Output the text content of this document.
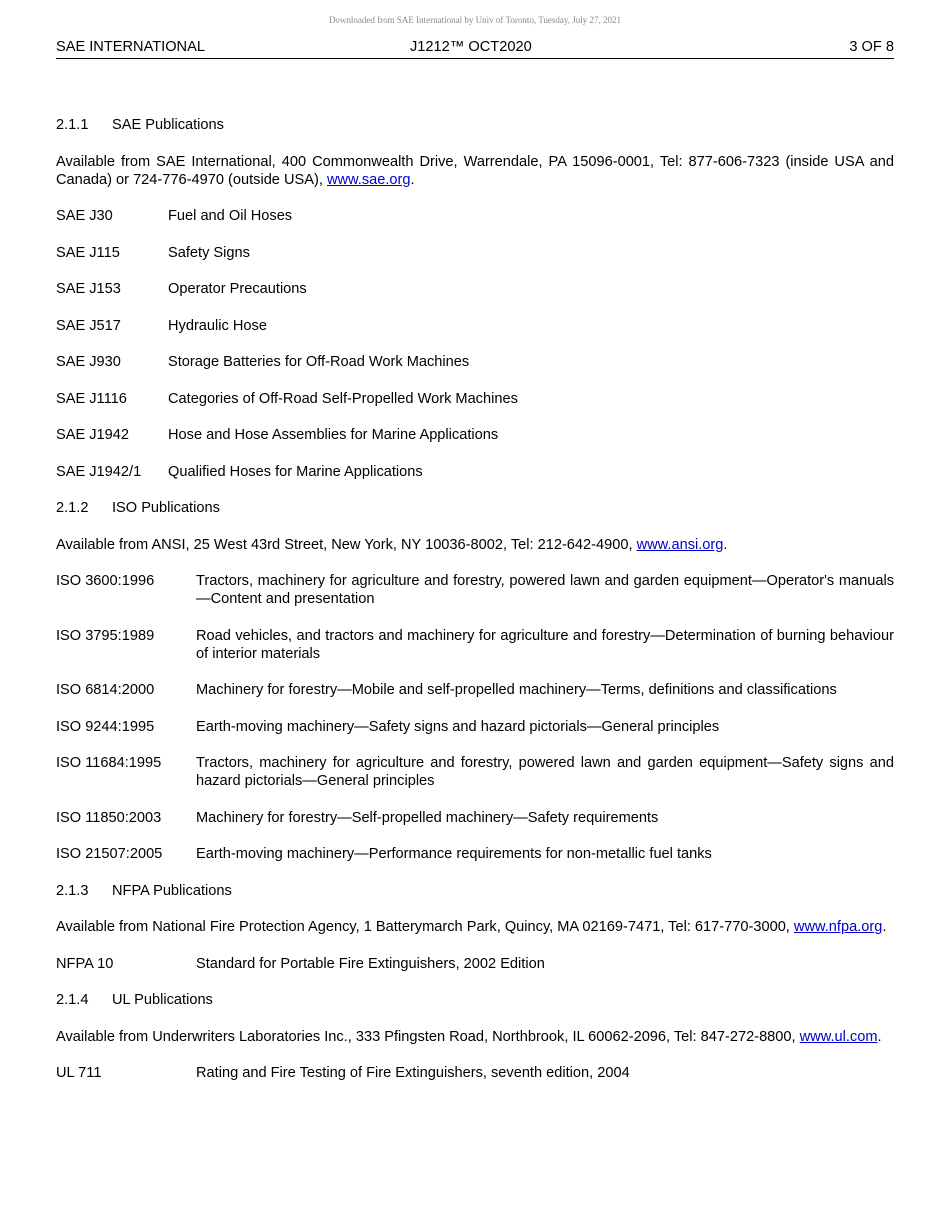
Downloaded from SAE International by Univ of Toronto, Tuesday, July 27, 2021
SAE INTERNATIONAL	J1212™ OCT2020	3 OF 8
2.1.1	SAE Publications
Available from SAE International, 400 Commonwealth Drive, Warrendale, PA 15096-0001, Tel: 877-606-7323 (inside USA and Canada) or 724-776-4970 (outside USA), www.sae.org.
SAE J30	Fuel and Oil Hoses
SAE J115	Safety Signs
SAE J153	Operator Precautions
SAE J517	Hydraulic Hose
SAE J930	Storage Batteries for Off-Road Work Machines
SAE J1116	Categories of Off-Road Self-Propelled Work Machines
SAE J1942	Hose and Hose Assemblies for Marine Applications
SAE J1942/1	Qualified Hoses for Marine Applications
2.1.2	ISO Publications
Available from ANSI, 25 West 43rd Street, New York, NY 10036-8002, Tel: 212-642-4900, www.ansi.org.
ISO 3600:1996	Tractors, machinery for agriculture and forestry, powered lawn and garden equipment—Operator's manuals—Content and presentation
ISO 3795:1989	Road vehicles, and tractors and machinery for agriculture and forestry—Determination of burning behaviour of interior materials
ISO 6814:2000	Machinery for forestry—Mobile and self-propelled machinery—Terms, definitions and classifications
ISO 9244:1995	Earth-moving machinery—Safety signs and hazard pictorials—General principles
ISO 11684:1995	Tractors, machinery for agriculture and forestry, powered lawn and garden equipment—Safety signs and hazard pictorials—General principles
ISO 11850:2003	Machinery for forestry—Self-propelled machinery—Safety requirements
ISO 21507:2005	Earth-moving machinery—Performance requirements for non-metallic fuel tanks
2.1.3	NFPA Publications
Available from National Fire Protection Agency, 1 Batterymarch Park, Quincy, MA 02169-7471, Tel: 617-770-3000, www.nfpa.org.
NFPA 10	Standard for Portable Fire Extinguishers, 2002 Edition
2.1.4	UL Publications
Available from Underwriters Laboratories Inc., 333 Pfingsten Road, Northbrook, IL 60062-2096, Tel: 847-272-8800, www.ul.com.
UL 711	Rating and Fire Testing of Fire Extinguishers, seventh edition, 2004
